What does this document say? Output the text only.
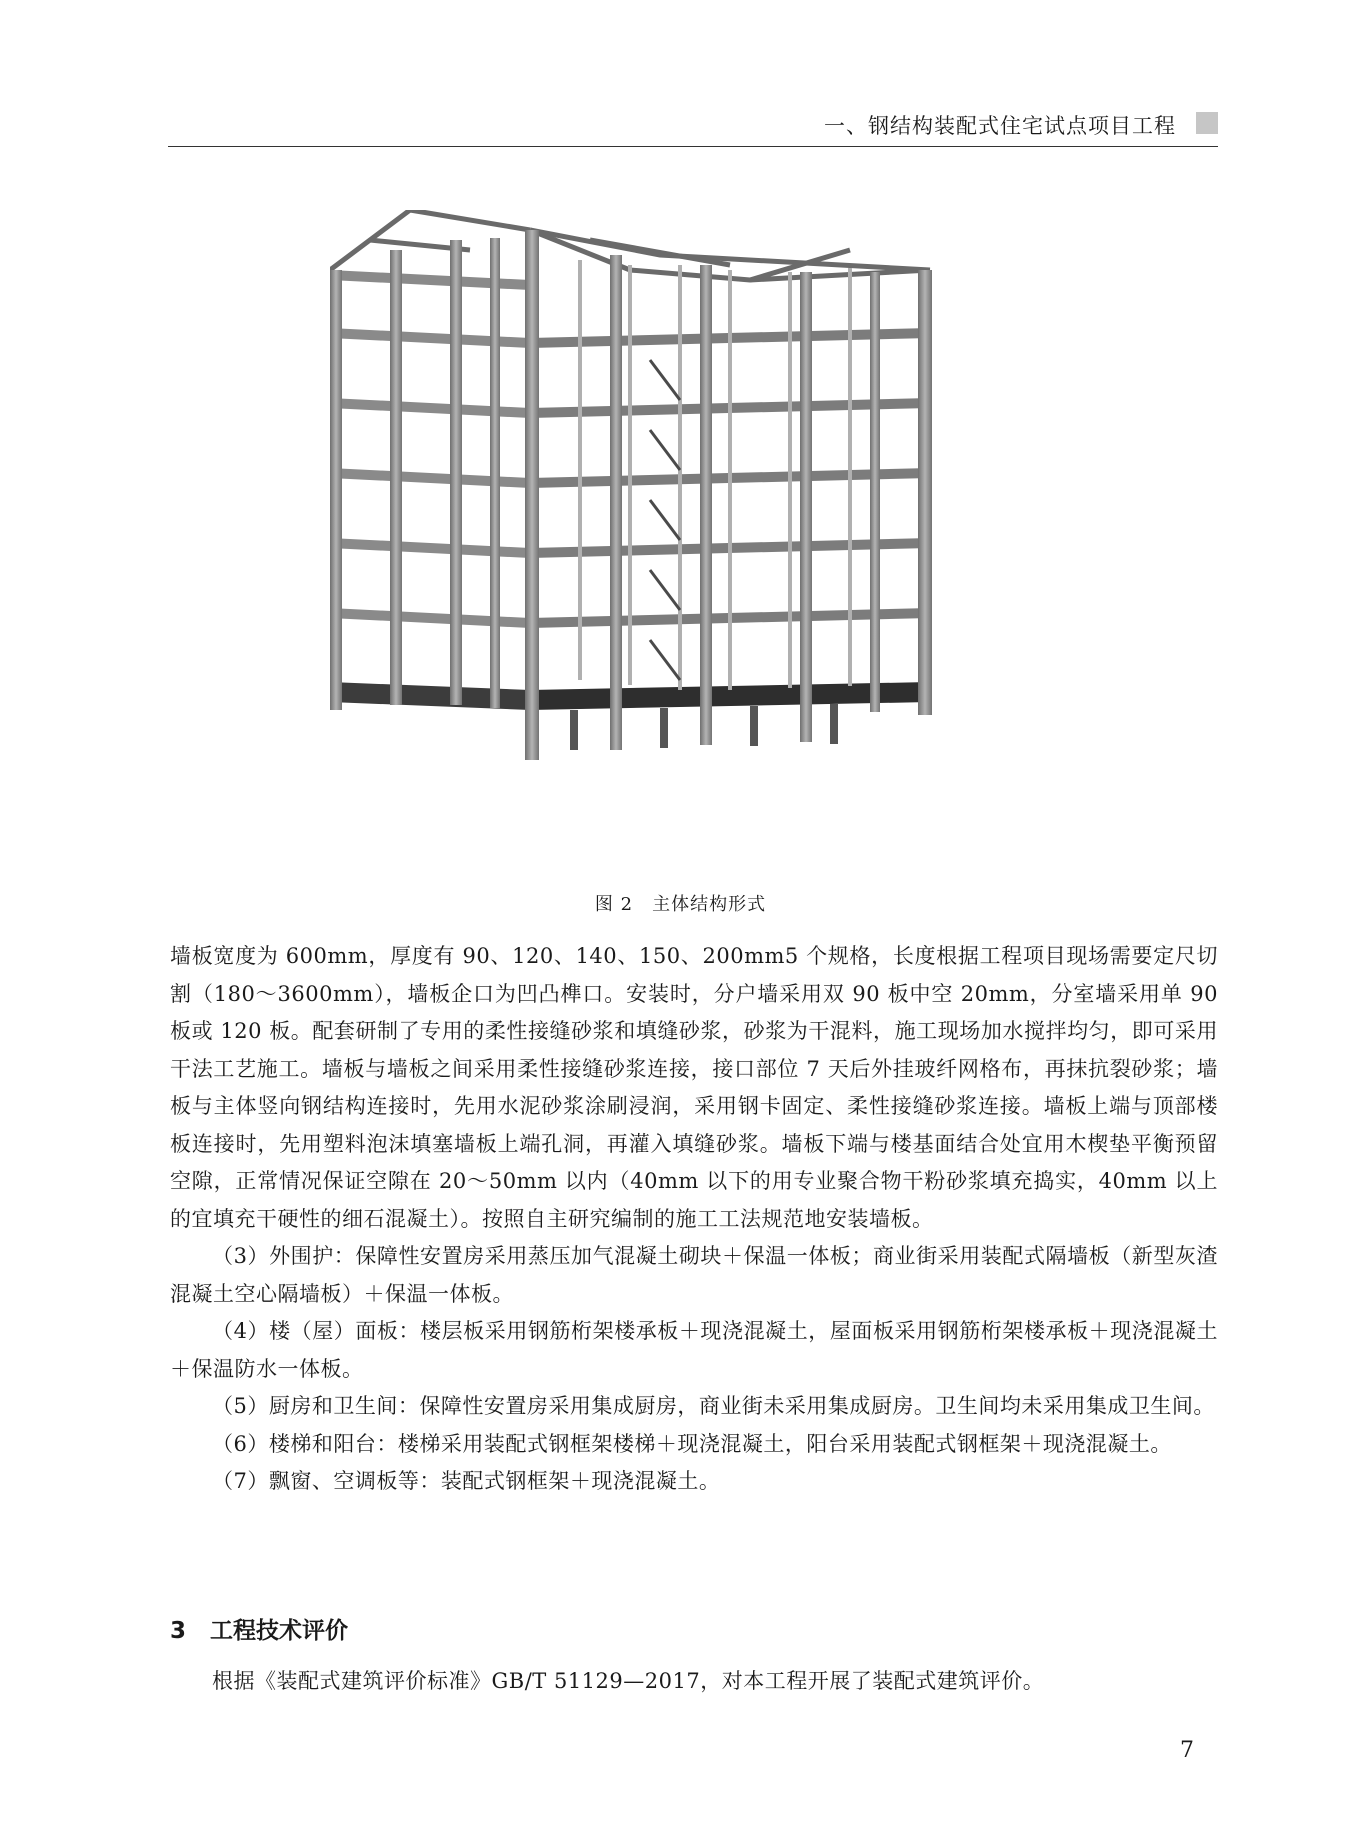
一、钢结构装配式住宅试点项目工程
图 2　主体结构形式

墙板宽度为 600mm，厚度有 90、120、140、150、200mm5 个规格，长度根据工程项目现场需要定尺切割（180～3600mm），墙板企口为凹凸榫口。安装时，分户墙采用双 90 板中空 20mm，分室墙采用单 90 板或 120 板。配套研制了专用的柔性接缝砂浆和填缝砂浆，砂浆为干混料，施工现场加水搅拌均匀，即可采用干法工艺施工。墙板与墙板之间采用柔性接缝砂浆连接，接口部位 7 天后外挂玻纤网格布，再抹抗裂砂浆；墙板与主体竖向钢结构连接时，先用水泥砂浆涂刷浸润，采用钢卡固定、柔性接缝砂浆连接。墙板上端与顶部楼板连接时，先用塑料泡沫填塞墙板上端孔洞，再灌入填缝砂浆。墙板下端与楼基面结合处宜用木楔垫平衡预留空隙，正常情况保证空隙在 20～50mm 以内（40mm 以下的用专业聚合物干粉砂浆填充捣实，40mm 以上的宜填充干硬性的细石混凝土）。按照自主研究编制的施工工法规范地安装墙板。

（3）外围护：保障性安置房采用蒸压加气混凝土砌块＋保温一体板；商业街采用装配式隔墙板（新型灰渣混凝土空心隔墙板）＋保温一体板。

（4）楼（屋）面板：楼层板采用钢筋桁架楼承板＋现浇混凝土，屋面板采用钢筋桁架楼承板＋现浇混凝土＋保温防水一体板。

（5）厨房和卫生间：保障性安置房采用集成厨房，商业街未采用集成厨房。卫生间均未采用集成卫生间。

（6）楼梯和阳台：楼梯采用装配式钢框架楼梯＋现浇混凝土，阳台采用装配式钢框架＋现浇混凝土。

（7）飘窗、空调板等：装配式钢框架＋现浇混凝土。

3 工程技术评价
根据《装配式建筑评价标准》GB/T 51129—2017，对本工程开展了装配式建筑评价。
7
